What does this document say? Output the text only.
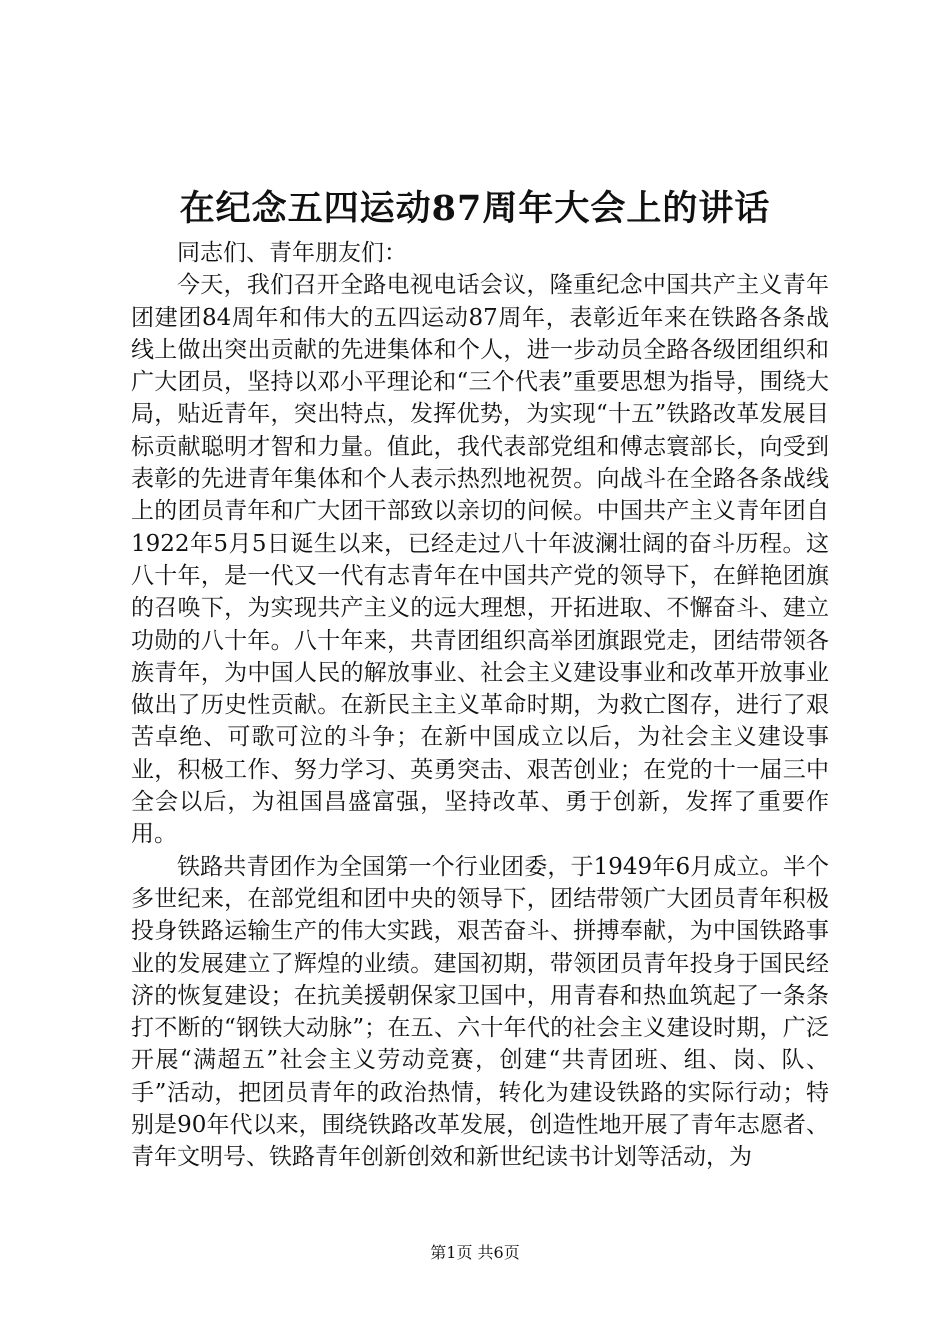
在纪念五四运动87周年大会上的讲话

同志们、青年朋友们：

今天，我们召开全路电视电话会议，隆重纪念中国共产主义青年团建团84周年和伟大的五四运动87周年，表彰近年来在铁路各条战线上做出突出贡献的先进集体和个人，进一步动员全路各级团组织和广大团员，坚持以邓小平理论和“三个代表”重要思想为指导，围绕大局，贴近青年，突出特点，发挥优势，为实现“十五”铁路改革发展目标贡献聪明才智和力量。值此，我代表部党组和傅志寰部长，向受到表彰的先进青年集体和个人表示热烈地祝贺。向战斗在全路各条战线上的团员青年和广大团干部致以亲切的问候。中国共产主义青年团自1922年5月5日诞生以来，已经走过八十年波澜壮阔的奋斗历程。这八十年，是一代又一代有志青年在中国共产党的领导下，在鲜艳团旗的召唤下，为实现共产主义的远大理想，开拓进取、不懈奋斗、建立功勋的八十年。八十年来，共青团组织高举团旗跟党走，团结带领各族青年，为中国人民的解放事业、社会主义建设事业和改革开放事业做出了历史性贡献。在新民主主义革命时期，为救亡图存，进行了艰苦卓绝、可歌可泣的斗争；在新中国成立以后，为社会主义建设事业，积极工作、努力学习、英勇突击、艰苦创业；在党的十一届三中全会以后，为祖国昌盛富强，坚持改革、勇于创新，发挥了重要作用。

铁路共青团作为全国第一个行业团委，于1949年6月成立。半个多世纪来，在部党组和团中央的领导下，团结带领广大团员青年积极投身铁路运输生产的伟大实践，艰苦奋斗、拼搏奉献，为中国铁路事业的发展建立了辉煌的业绩。建国初期，带领团员青年投身于国民经济的恢复建设；在抗美援朝保家卫国中，用青春和热血筑起了一条条打不断的“钢铁大动脉”；在五、六十年代的社会主义建设时期，广泛开展“满超五”社会主义劳动竞赛，创建“共青团班、组、岗、队、手”活动，把团员青年的政治热情，转化为建设铁路的实际行动；特别是90年代以来，围绕铁路改革发展，创造性地开展了青年志愿者、青年文明号、铁路青年创新创效和新世纪读书计划等活动，为

第1页 共6页
